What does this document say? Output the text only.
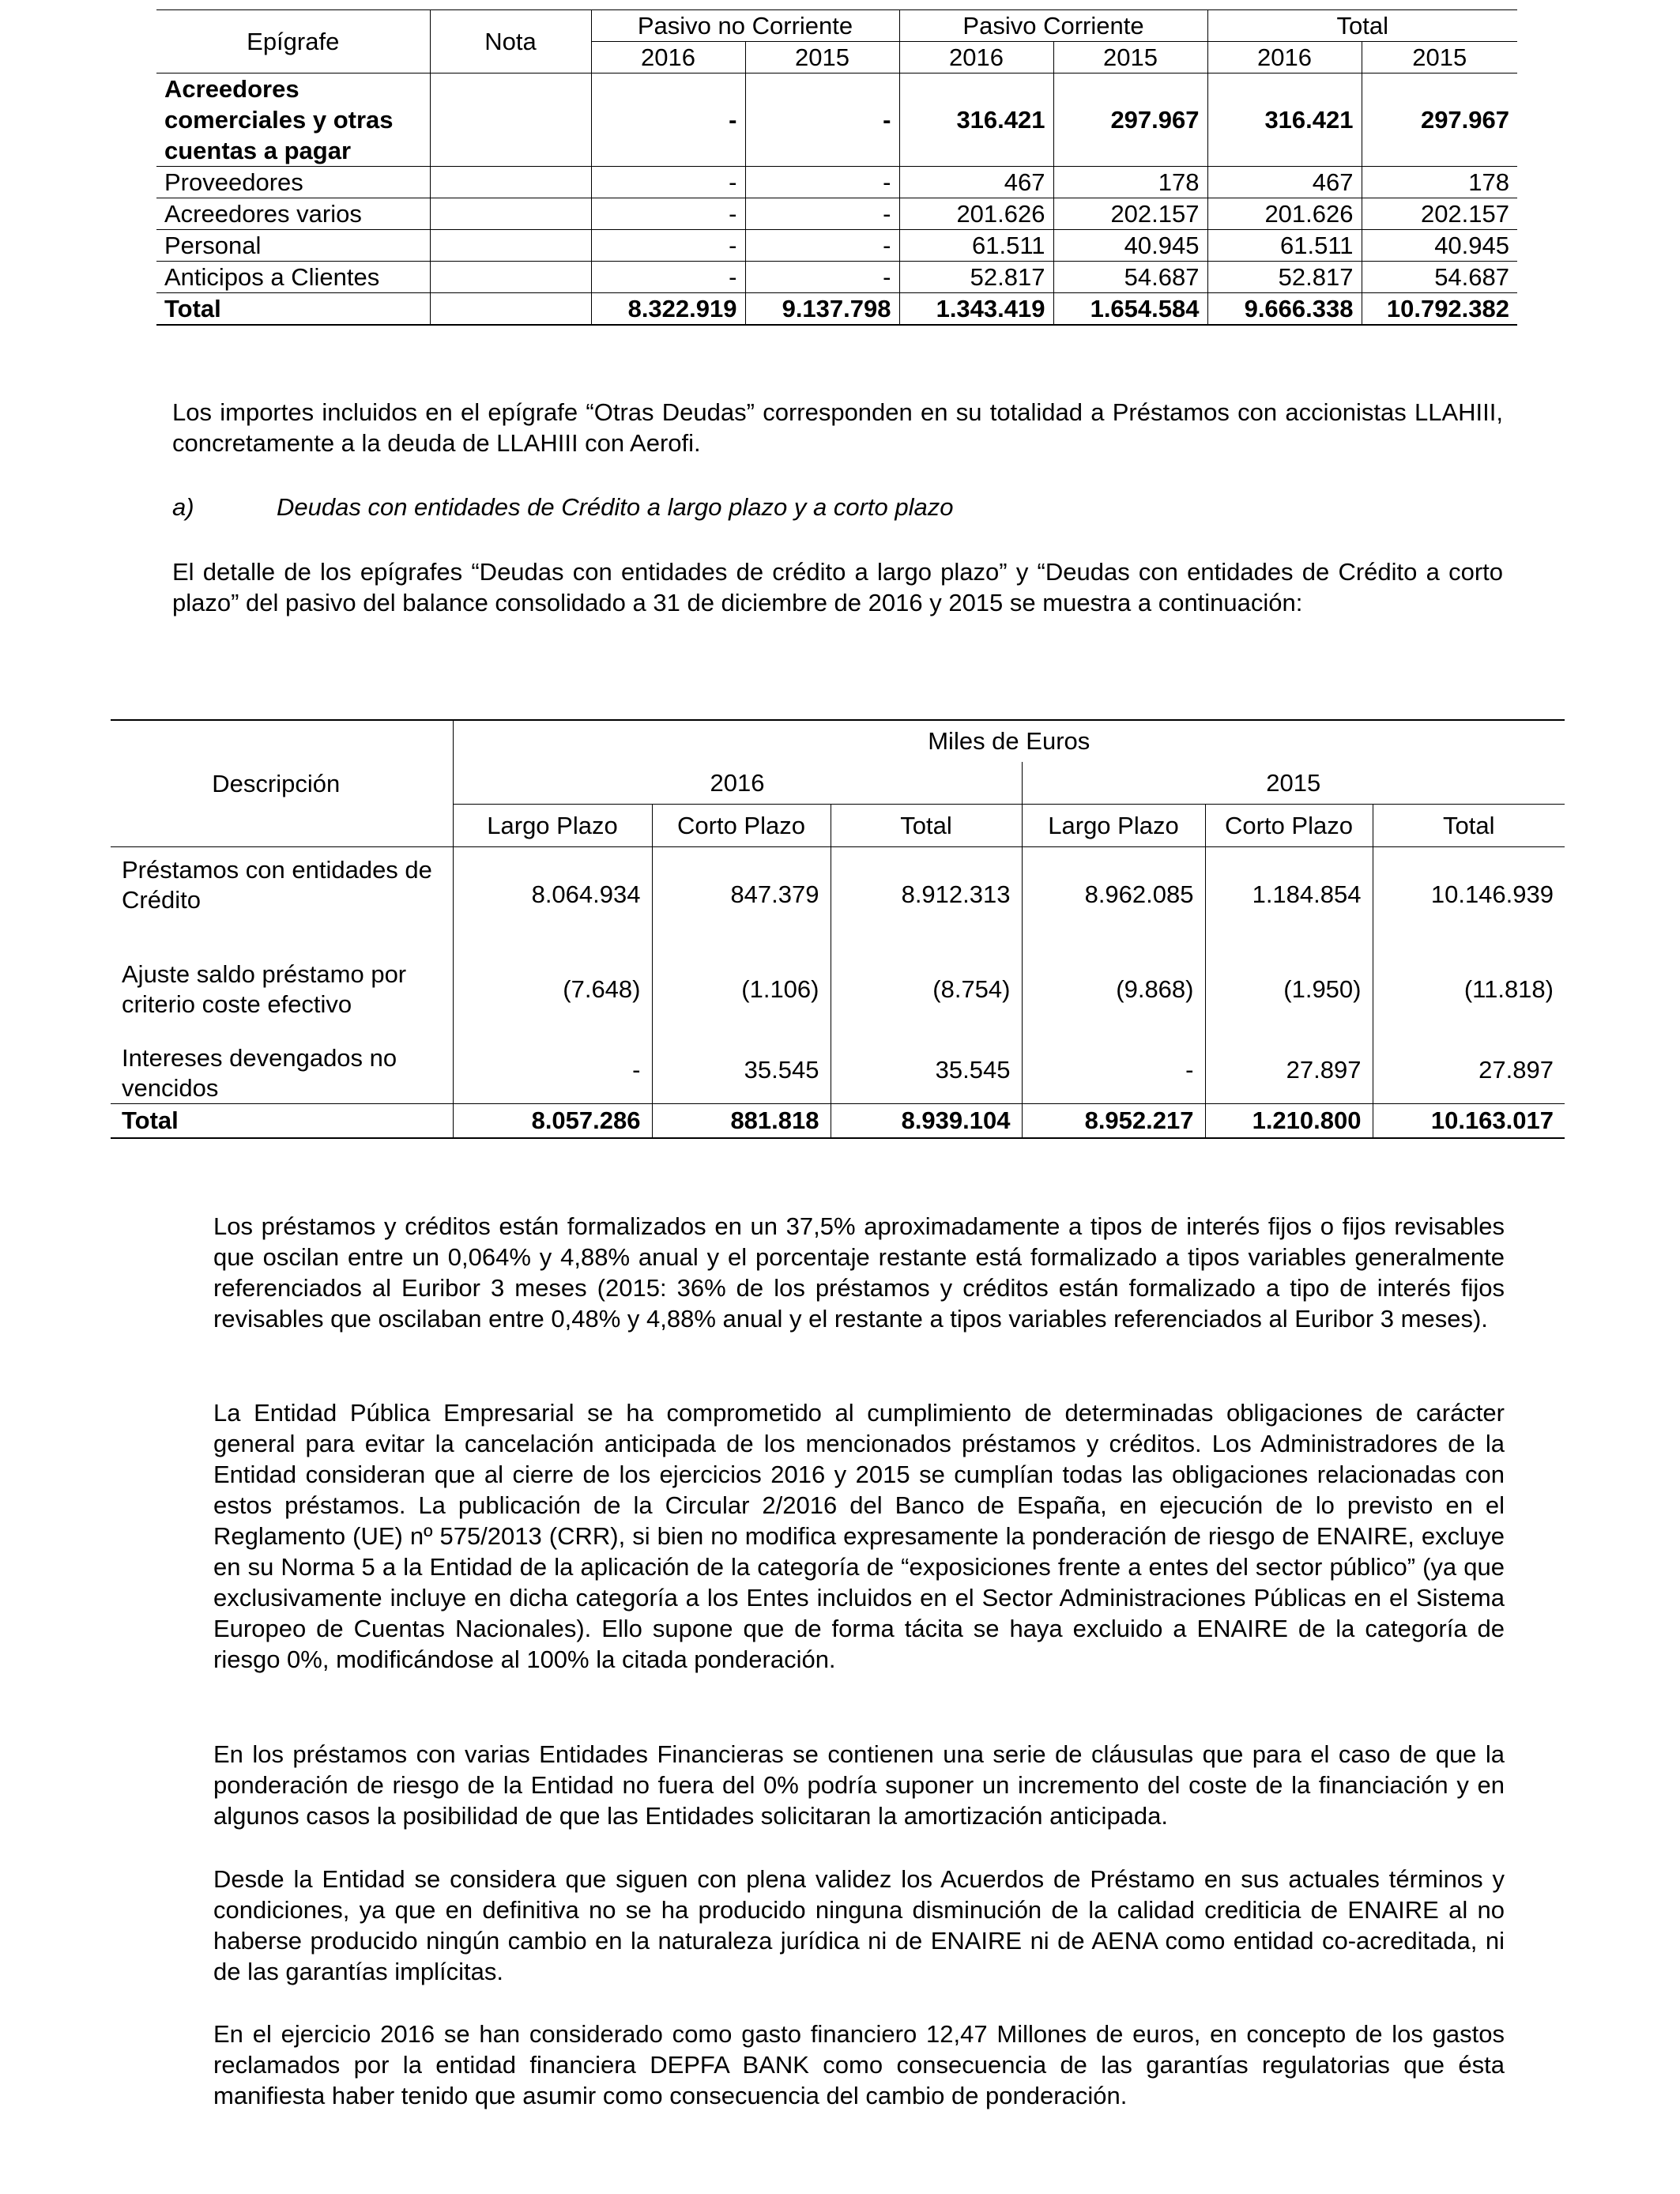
Epígrafe	Nota	Pasivo no Corriente		Pasivo Corriente		Total	
		2016	2015	2016	2015	2016	2015
Acreedores comerciales y otras cuentas a pagar		-	-	316.421	297.967	316.421	297.967
Proveedores		-	-	467	178	467	178
Acreedores varios		-	-	201.626	202.157	201.626	202.157
Personal		-	-	61.511	40.945	61.511	40.945
Anticipos a Clientes		-	-	52.817	54.687	52.817	54.687
Total		8.322.919	9.137.798	1.343.419	1.654.584	9.666.338	10.792.382

Los importes incluidos en el epígrafe “Otras Deudas” corresponden en su totalidad a Préstamos con accionistas LLAHIII, concretamente a la deuda de LLAHIII con Aerofi.

a)	Deudas con entidades de Crédito a largo plazo y a corto plazo

El detalle de los epígrafes “Deudas con entidades de crédito a largo plazo” y “Deudas con entidades de Crédito a corto plazo” del pasivo del balance consolidado a 31 de diciembre de 2016 y 2015 se muestra a continuación:

Descripción	Miles de Euros					
	2016			2015		
	Largo Plazo	Corto Plazo	Total	Largo Plazo	Corto Plazo	Total
Préstamos con entidades de Crédito	8.064.934	847.379	8.912.313	8.962.085	1.184.854	10.146.939
Ajuste saldo préstamo por criterio coste efectivo	(7.648)	(1.106)	(8.754)	(9.868)	(1.950)	(11.818)
Intereses devengados no vencidos	-	35.545	35.545	-	27.897	27.897
Total	8.057.286	881.818	8.939.104	8.952.217	1.210.800	10.163.017

Los préstamos y créditos están formalizados en un 37,5% aproximadamente a tipos de interés fijos o fijos revisables que oscilan entre un 0,064% y 4,88% anual y el porcentaje restante está formalizado a tipos variables generalmente referenciados al Euribor 3 meses (2015: 36% de los préstamos y créditos están formalizado a tipo de interés fijos revisables que oscilaban entre 0,48% y 4,88% anual y el restante a tipos variables referenciados al Euribor 3 meses).

La Entidad Pública Empresarial se ha comprometido al cumplimiento de determinadas obligaciones de carácter general para evitar la cancelación anticipada de los mencionados préstamos y créditos. Los Administradores de la Entidad consideran que al cierre de los ejercicios 2016 y 2015 se cumplían todas las obligaciones relacionadas con estos préstamos. La publicación de la Circular 2/2016 del Banco de España, en ejecución de lo previsto en el Reglamento (UE) nº 575/2013 (CRR), si bien no modifica expresamente la ponderación de riesgo de ENAIRE, excluye en su Norma 5 a la Entidad de la aplicación de la categoría de “exposiciones frente a entes del sector público” (ya que exclusivamente incluye en dicha categoría a los Entes incluidos en el Sector Administraciones Públicas en el Sistema Europeo de Cuentas Nacionales). Ello supone que de forma tácita se haya excluido a ENAIRE de la categoría de riesgo 0%, modificándose al 100% la citada ponderación.

En los préstamos con varias Entidades Financieras se contienen una serie de cláusulas que para el caso de que la ponderación de riesgo de la Entidad no fuera del 0% podría suponer un incremento del coste de la financiación y en algunos casos la posibilidad de que las Entidades solicitaran la amortización anticipada.

Desde la Entidad se considera que siguen con plena validez los Acuerdos de Préstamo en sus actuales términos y condiciones, ya que en definitiva no se ha producido ninguna disminución de la calidad crediticia de ENAIRE al no haberse producido ningún cambio en la naturaleza jurídica ni de ENAIRE ni de AENA como entidad co-acreditada, ni de las garantías implícitas.

En el ejercicio 2016 se han considerado como gasto financiero 12,47 Millones de euros, en concepto de los gastos reclamados por la entidad financiera DEPFA BANK como consecuencia de las garantías regulatorias que ésta manifiesta haber tenido que asumir como consecuencia del cambio de ponderación.
